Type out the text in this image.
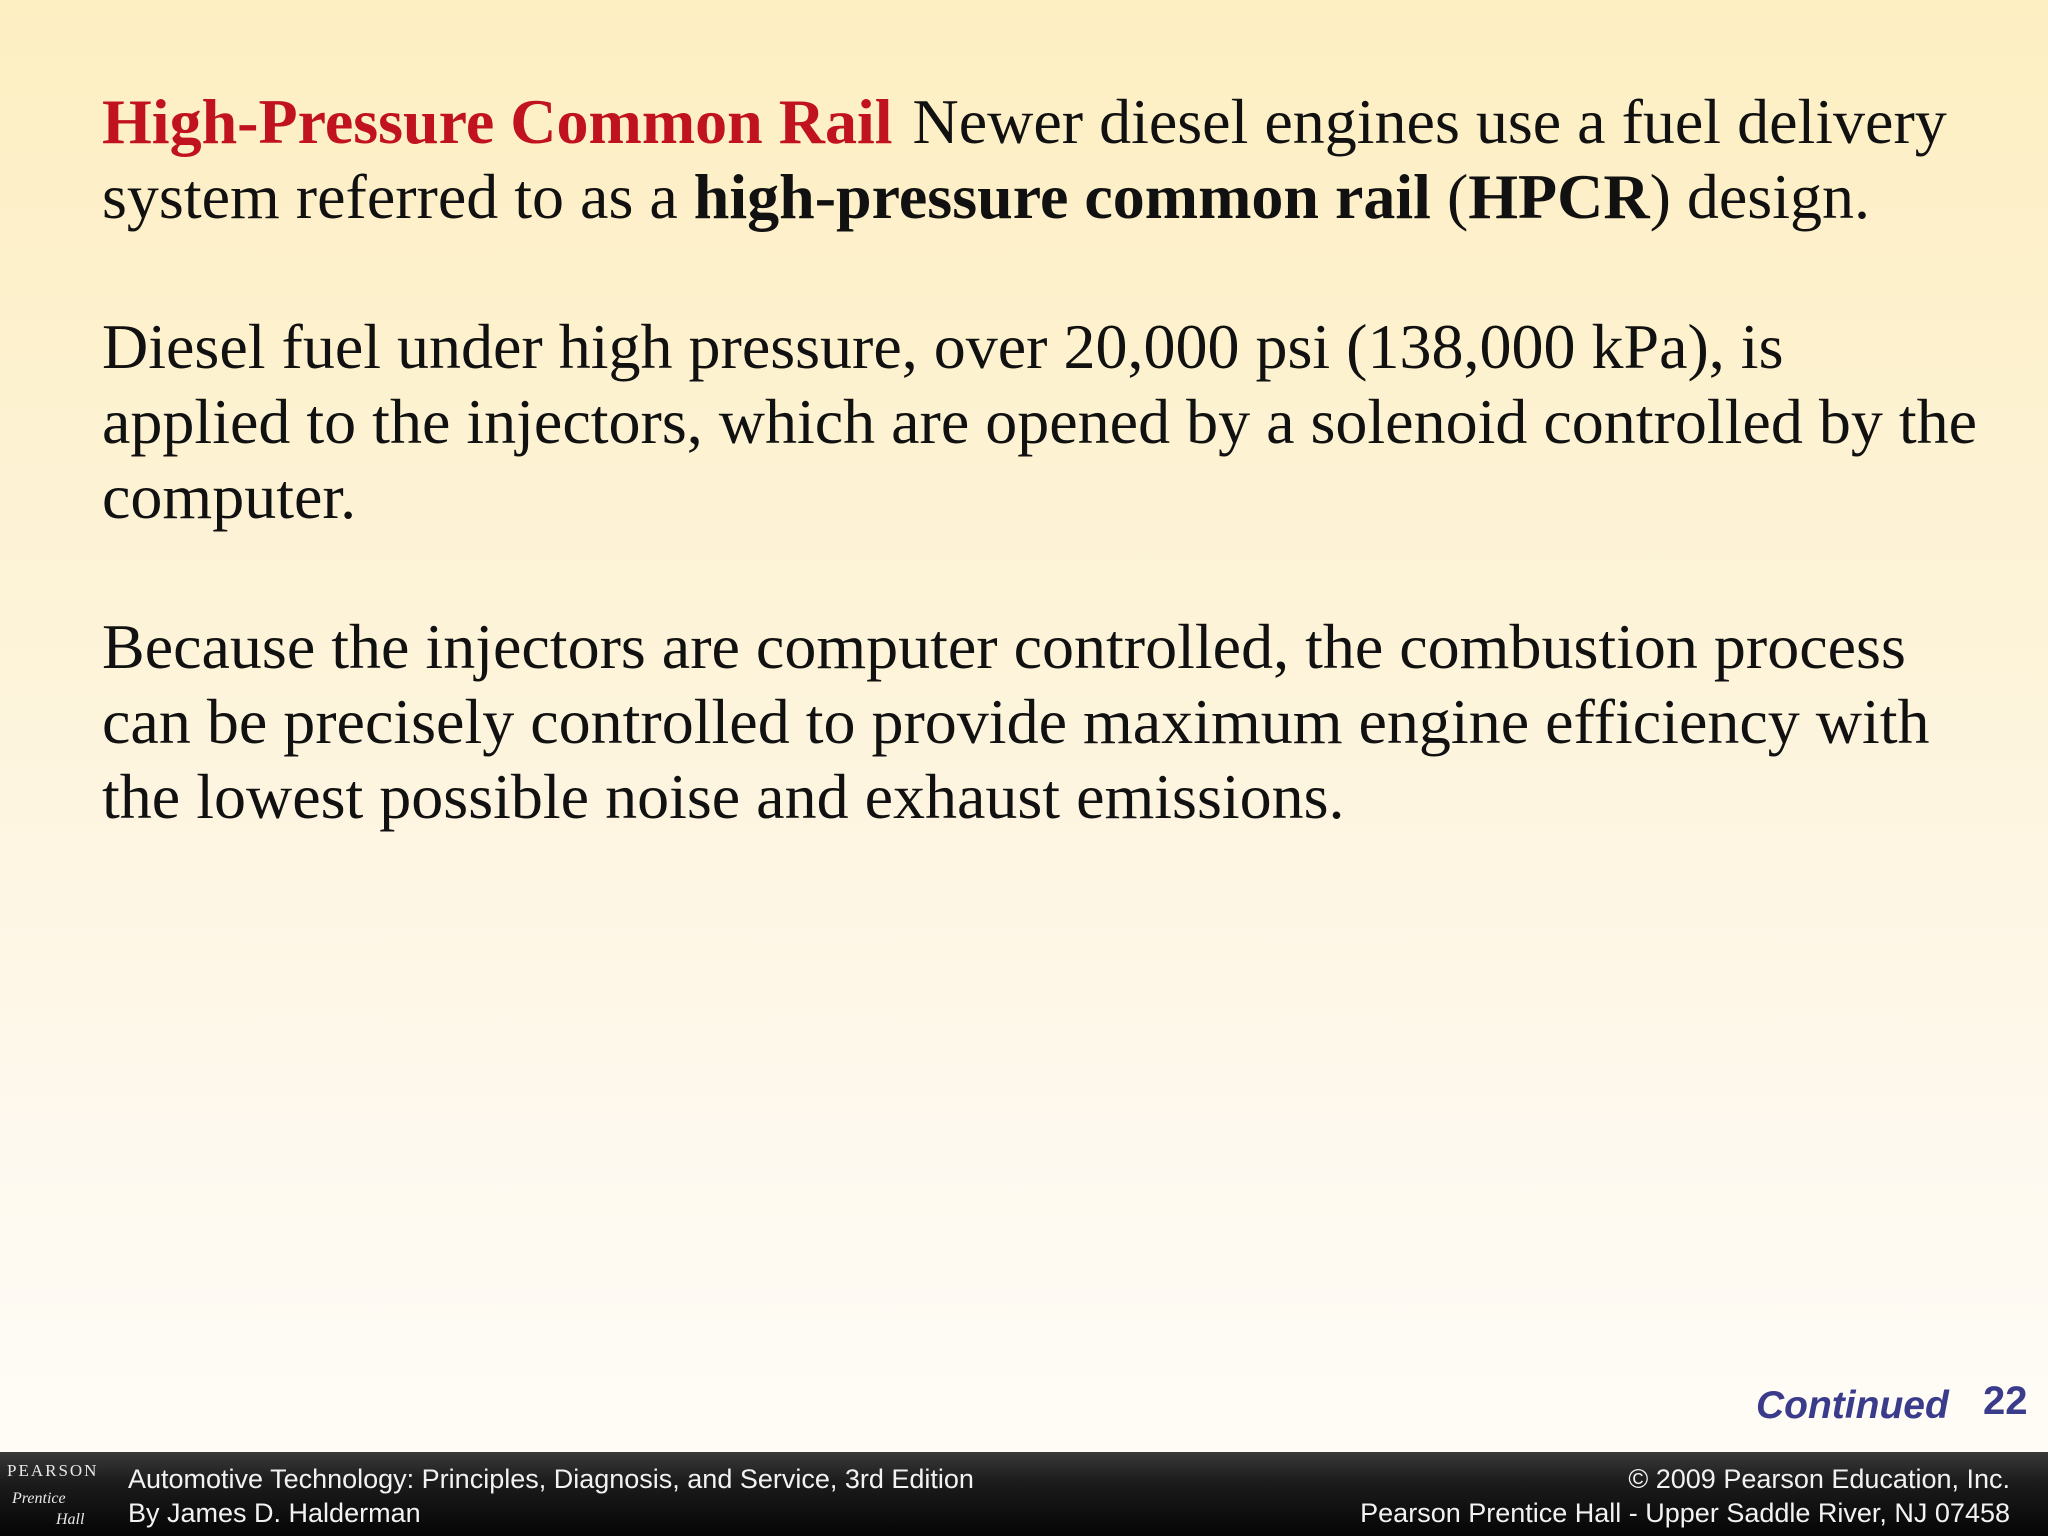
High-Pressure Common Rail Newer diesel engines use a fuel delivery system referred to as a high-pressure common rail (HPCR) design.

Diesel fuel under high pressure, over 20,000 psi (138,000 kPa), is applied to the injectors, which are opened by a solenoid controlled by the computer.

Because the injectors are computer controlled, the combustion process can be precisely controlled to provide maximum engine efficiency with the lowest possible noise and exhaust emissions.

Continued 22
PEARSON
Prentice
Hall
Automotive Technology: Principles, Diagnosis, and Service, 3rd Edition
By James D. Halderman
© 2009 Pearson Education, Inc.
Pearson Prentice Hall - Upper Saddle River, NJ 07458
